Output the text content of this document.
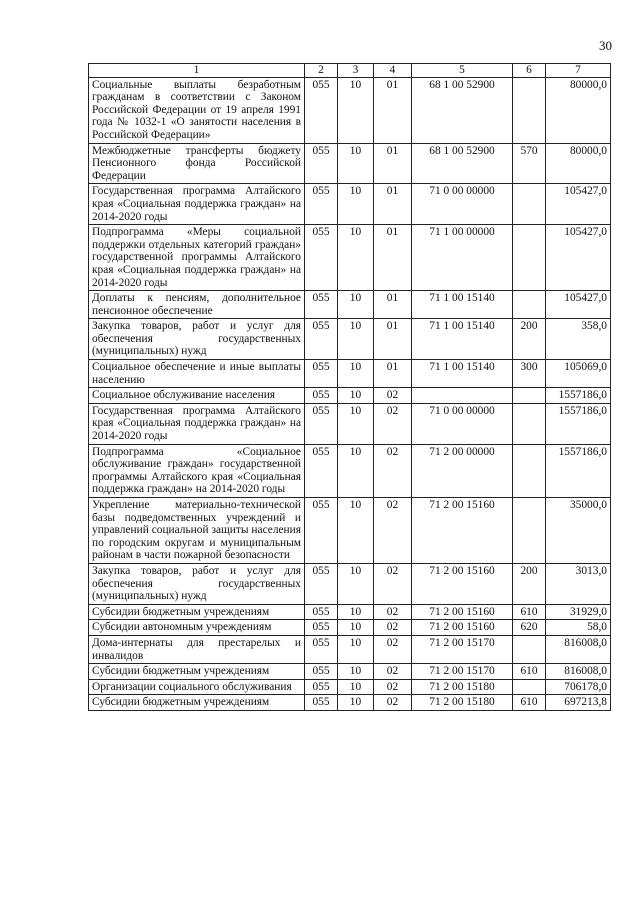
30
1	2	3	4	5	6	7
Социальные выплаты безработным гражданам в соответствии с Законом Российской Федерации от 19 апреля 1991 года № 1032-1 «О занятости населения в Российской Федерации»	055	10	01	68 1 00 52900		80000,0
Межбюджетные трансферты бюджету Пенсионного фонда Российской Федерации	055	10	01	68 1 00 52900	570	80000,0
Государственная программа Алтайского края «Социальная поддержка граждан» на 2014-2020 годы	055	10	01	71 0 00 00000		105427,0
Подпрограмма «Меры социальной поддержки отдельных категорий граждан» государственной программы Алтайского края «Социальная поддержка граждан» на 2014-2020 годы	055	10	01	71 1 00 00000		105427,0
Доплаты к пенсиям, дополнительное пенсионное обеспечение	055	10	01	71 1 00 15140		105427,0
Закупка товаров, работ и услуг для обеспечения государственных (муниципальных) нужд	055	10	01	71 1 00 15140	200	358,0
Социальное обеспечение и иные выплаты населению	055	10	01	71 1 00 15140	300	105069,0
Социальное обслуживание населения	055	10	02			1557186,0
Государственная программа Алтайского края «Социальная поддержка граждан» на 2014-2020 годы	055	10	02	71 0 00 00000		1557186,0
Подпрограмма «Социальное обслуживание граждан» государственной программы Алтайского края «Социальная поддержка граждан» на 2014-2020 годы	055	10	02	71 2 00 00000		1557186,0
Укрепление материально-технической базы подведомственных учреждений и управлений социальной защиты населения по городским округам и муниципальным районам в части пожарной безопасности	055	10	02	71 2 00 15160		35000,0
Закупка товаров, работ и услуг для обеспечения государственных (муниципальных) нужд	055	10	02	71 2 00 15160	200	3013,0
Субсидии бюджетным учреждениям	055	10	02	71 2 00 15160	610	31929,0
Субсидии автономным учреждениям	055	10	02	71 2 00 15160	620	58,0
Дома-интернаты для престарелых и инвалидов	055	10	02	71 2 00 15170		816008,0
Субсидии бюджетным учреждениям	055	10	02	71 2 00 15170	610	816008,0
Организации социального обслуживания	055	10	02	71 2 00 15180		706178,0
Субсидии бюджетным учреждениям	055	10	02	71 2 00 15180	610	697213,8
